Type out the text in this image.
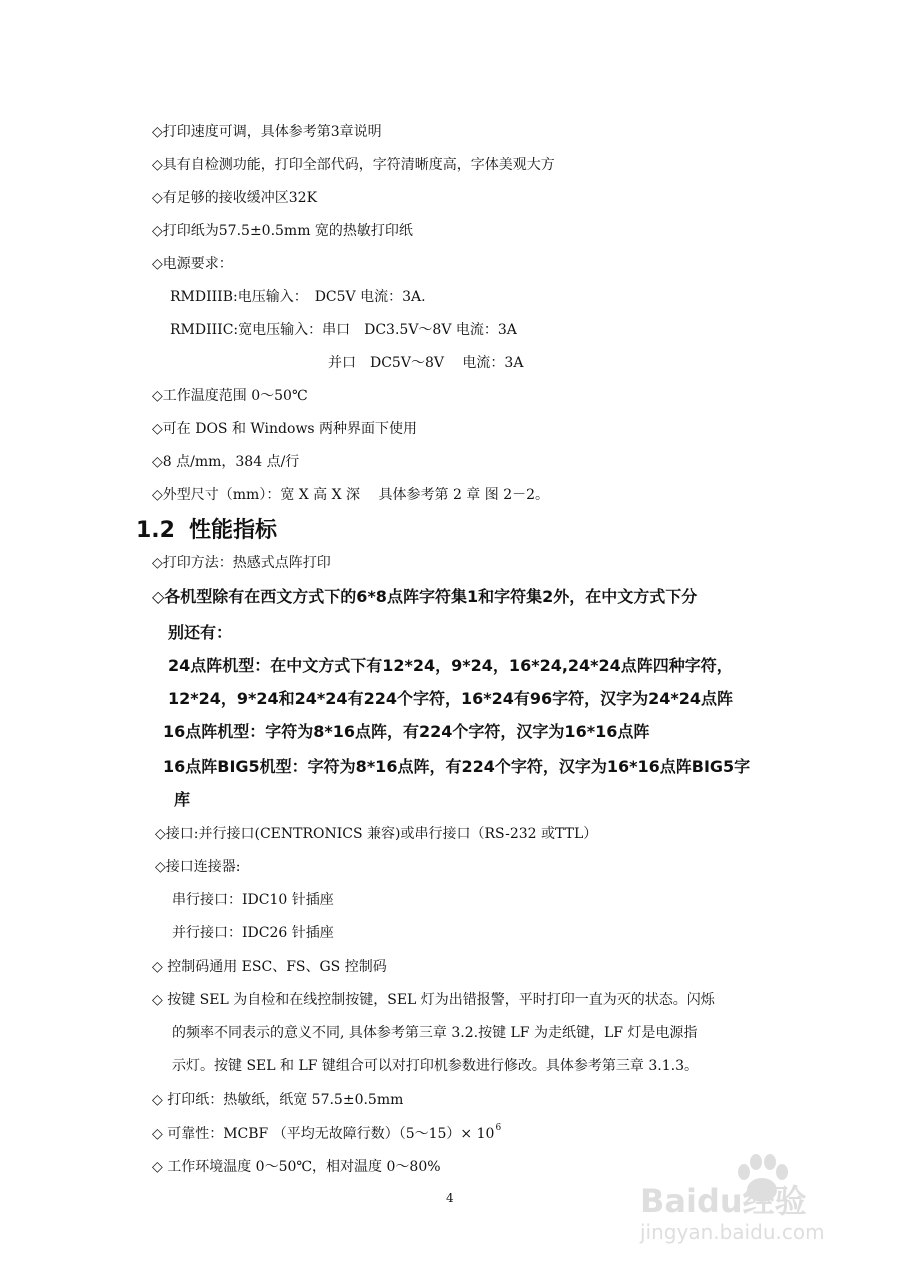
◇打印速度可调，具体参考第3章说明
◇具有自检测功能，打印全部代码，字符清晰度高，字体美观大方
◇有足够的接收缓冲区32K
◇打印纸为57.5±0.5mm 宽的热敏打印纸
◇电源要求：
RMDIIIB:电压输入：　DC5V 电流：3A.
RMDIIIC:宽电压输入：串口　DC3.5V～8V 电流：3A
并口　DC5V～8V　 电流：3A
◇工作温度范围 0～50℃
◇可在 DOS 和 Windows 两种界面下使用
◇8 点/mm，384 点/行
◇外型尺寸（mm）：宽 X 高 X 深　 具体参考第 2 章 图 2－2。
1.2 性能指标
◇打印方法：热感式点阵打印
◇各机型除有在西文方式下的6*8点阵字符集1和字符集2外，在中文方式下分
别还有：
24点阵机型：在中文方式下有12*24，9*24，16*24,24*24点阵四种字符，
12*24，9*24和24*24有224个字符，16*24有96字符，汉字为24*24点阵
16点阵机型：字符为8*16点阵，有224个字符，汉字为16*16点阵
16点阵BIG5机型：字符为8*16点阵，有224个字符，汉字为16*16点阵BIG5字
库
◇接口:并行接口(CENTRONICS 兼容)或串行接口（RS-232 或TTL）
◇接口连接器:
串行接口：IDC10 针插座
并行接口：IDC26 针插座
◇ 控制码通用 ESC、FS、GS 控制码
◇ 按键 SEL 为自检和在线控制按键，SEL 灯为出错报警，平时打印一直为灭的状态。闪烁
的频率不同表示的意义不同, 具体参考第三章 3.2.按键 LF 为走纸键，LF 灯是电源指
示灯。按键 SEL 和 LF 键组合可以对打印机参数进行修改。具体参考第三章 3.1.3。
◇ 打印纸：热敏纸，纸宽 57.5±0.5mm
◇ 可靠性：MCBF （平均无故障行数）（5～15）× $10^6$
◇ 工作环境温度 0～50℃，相对温度 0～80%
4	Baidu经验
jingyan.baidu.com
